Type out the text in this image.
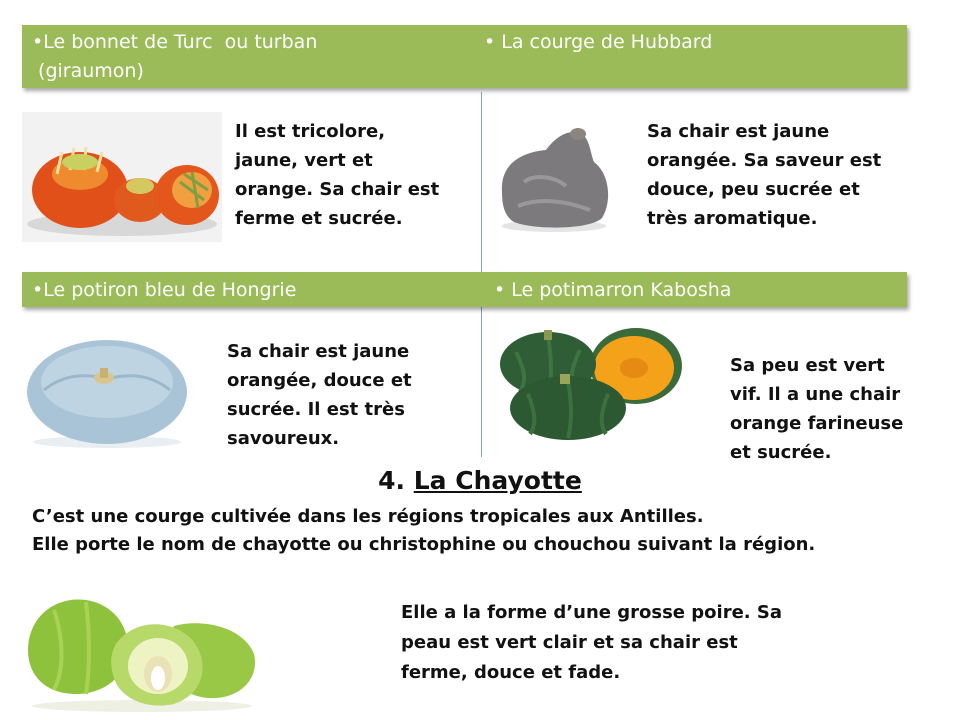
•Le bonnet de Turc  ou turban
(giraumon)
• La courge de Hubbard
Il est tricolore,
jaune, vert et
orange. Sa chair est
ferme et sucrée.
Sa chair est jaune
orangée. Sa saveur est
douce, peu sucrée et
très aromatique.
•Le potiron bleu de Hongrie	• Le potimarron Kabosha
Sa chair est jaune
orangée, douce et
sucrée. Il est très
savoureux.
Sa peu est vert
vif. Il a une chair
orange farineuse
et sucrée.
4. La Chayotte
C’est une courge cultivée dans les régions tropicales aux Antilles.
Elle porte le nom de chayotte ou christophine ou chouchou suivant la région.
Elle a la forme d’une grosse poire. Sa
peau est vert clair et sa chair est
ferme, douce et fade.
